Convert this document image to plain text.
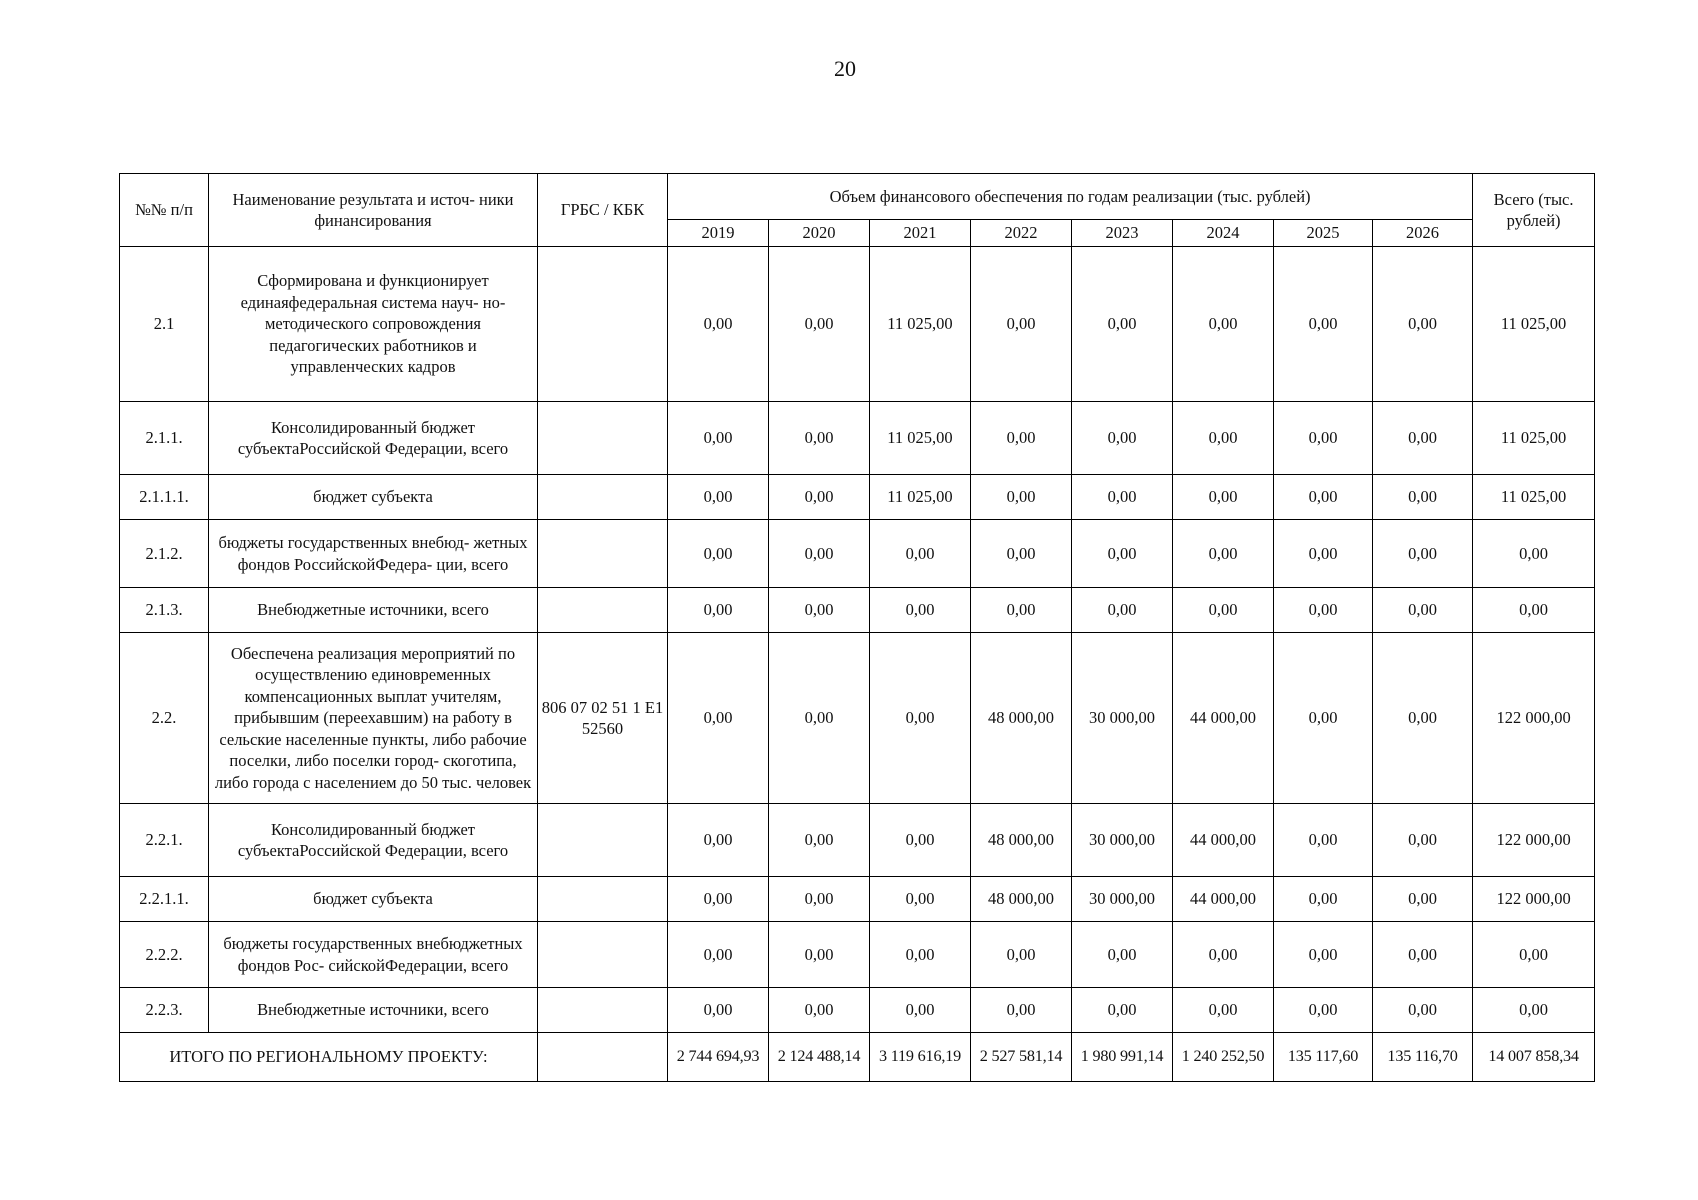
20
№№ п/п	Наименование результата и источ- ники финансирования	ГРБС / КБК	Объем финансового обеспечения по годам реализации (тыс. рублей)								Всего (тыс. рублей)
			2019	2020	2021	2022	2023	2024	2025	2026	
2.1	Сформирована и функционирует единаяфедеральная система науч- но- методического сопровождения педагогических работников и управленческих кадров		0,00	0,00	11 025,00	0,00	0,00	0,00	0,00	0,00	11 025,00
2.1.1.	Консолидированный бюджет субъектаРоссийской Федерации, всего		0,00	0,00	11 025,00	0,00	0,00	0,00	0,00	0,00	11 025,00
2.1.1.1.	бюджет субъекта		0,00	0,00	11 025,00	0,00	0,00	0,00	0,00	0,00	11 025,00
2.1.2.	бюджеты государственных внебюд- жетных фондов РоссийскойФедера- ции, всего		0,00	0,00	0,00	0,00	0,00	0,00	0,00	0,00	0,00
2.1.3.	Внебюджетные источники, всего		0,00	0,00	0,00	0,00	0,00	0,00	0,00	0,00	0,00
2.2.	Обеспечена реализация мероприятий по осуществлению единовременных компенсационных выплат учителям, прибывшим (переехавшим) на работу в сельские населенные пункты, либо рабочие поселки, либо поселки город- скоготипа, либо города с населением до 50 тыс. человек	806 07 02 51 1 E1 52560	0,00	0,00	0,00	48 000,00	30 000,00	44 000,00	0,00	0,00	122 000,00
2.2.1.	Консолидированный бюджет субъектаРоссийской Федерации, всего		0,00	0,00	0,00	48 000,00	30 000,00	44 000,00	0,00	0,00	122 000,00
2.2.1.1.	бюджет субъекта		0,00	0,00	0,00	48 000,00	30 000,00	44 000,00	0,00	0,00	122 000,00
2.2.2.	бюджеты государственных внебюджетных фондов Рос- сийскойФедерации, всего		0,00	0,00	0,00	0,00	0,00	0,00	0,00	0,00	0,00
2.2.3.	Внебюджетные источники, всего		0,00	0,00	0,00	0,00	0,00	0,00	0,00	0,00	0,00
ИТОГО ПО РЕГИОНАЛЬНОМУ ПРОЕКТУ:			2 744 694,93	2 124 488,14	3 119 616,19	2 527 581,14	1 980 991,14	1 240 252,50	135 117,60	135 116,70	14 007 858,34
